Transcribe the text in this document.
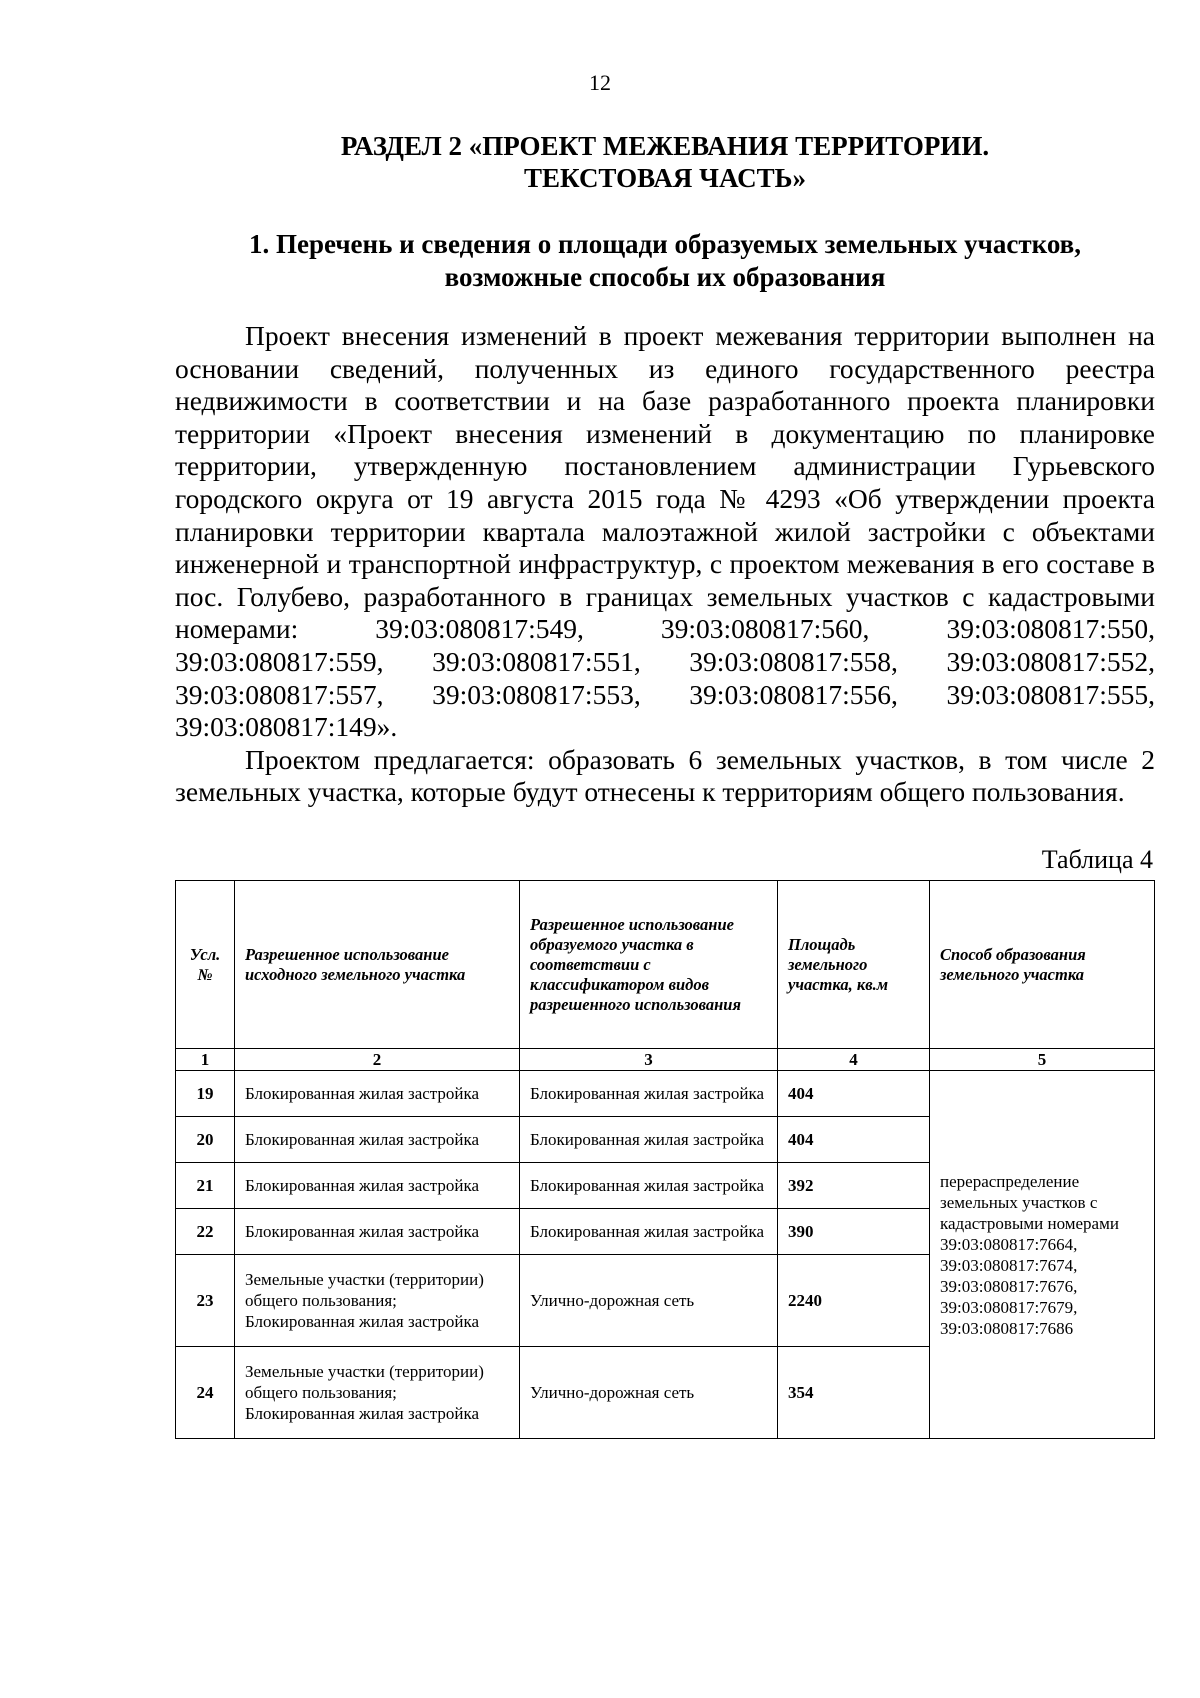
12
РАЗДЕЛ 2 «ПРОЕКТ МЕЖЕВАНИЯ ТЕРРИТОРИИ.
ТЕКСТОВАЯ ЧАСТЬ»
1. Перечень и сведения о площади образуемых земельных участков,
возможные способы их образования

Проект внесения изменений в проект межевания территории выполнен на основании сведений, полученных из единого государственного реестра недвижимости в соответствии и на базе разработанного проекта планировки территории «Проект внесения изменений в документацию по планировке территории, утвержденную постановлением администрации Гурьевского городского округа от 19 августа 2015 года № 4293 «Об утверждении проекта планировки территории квартала малоэтажной жилой застройки с объектами инженерной и транспортной инфраструктур, с проектом межевания в его составе в пос. Голубево, разработанного в границах земельных участков с кадастровыми номерами: 39:03:080817:549, 39:03:080817:560, 39:03:080817:550, 39:03:080817:559, 39:03:080817:551, 39:03:080817:558, 39:03:080817:552, 39:03:080817:557, 39:03:080817:553, 39:03:080817:556, 39:03:080817:555, 39:03:080817:149».

Проектом предлагается: образовать 6 земельных участков, в том числе 2 земельных участка, которые будут отнесены к территориям общего пользования.

Таблица 4
Усл. №	Разрешенное использование исходного земельного участка	Разрешенное использование образуемого участка в соответствии с классификатором видов разрешенного использования	Площадь земельного участка, кв.м	Способ образования земельного участка
1	2	3	4	5
19	Блокированная жилая застройка	Блокированная жилая застройка	404	перераспределение земельных участков с кадастровыми номерами 39:03:080817:7664, 39:03:080817:7674, 39:03:080817:7676, 39:03:080817:7679, 39:03:080817:7686
20	Блокированная жилая застройка	Блокированная жилая застройка	404	
21	Блокированная жилая застройка	Блокированная жилая застройка	392	
22	Блокированная жилая застройка	Блокированная жилая застройка	390	
23	Земельные участки (территории) общего пользования; Блокированная жилая застройка	Улично-дорожная сеть	2240	
24	Земельные участки (территории) общего пользования; Блокированная жилая застройка	Улично-дорожная сеть	354	
